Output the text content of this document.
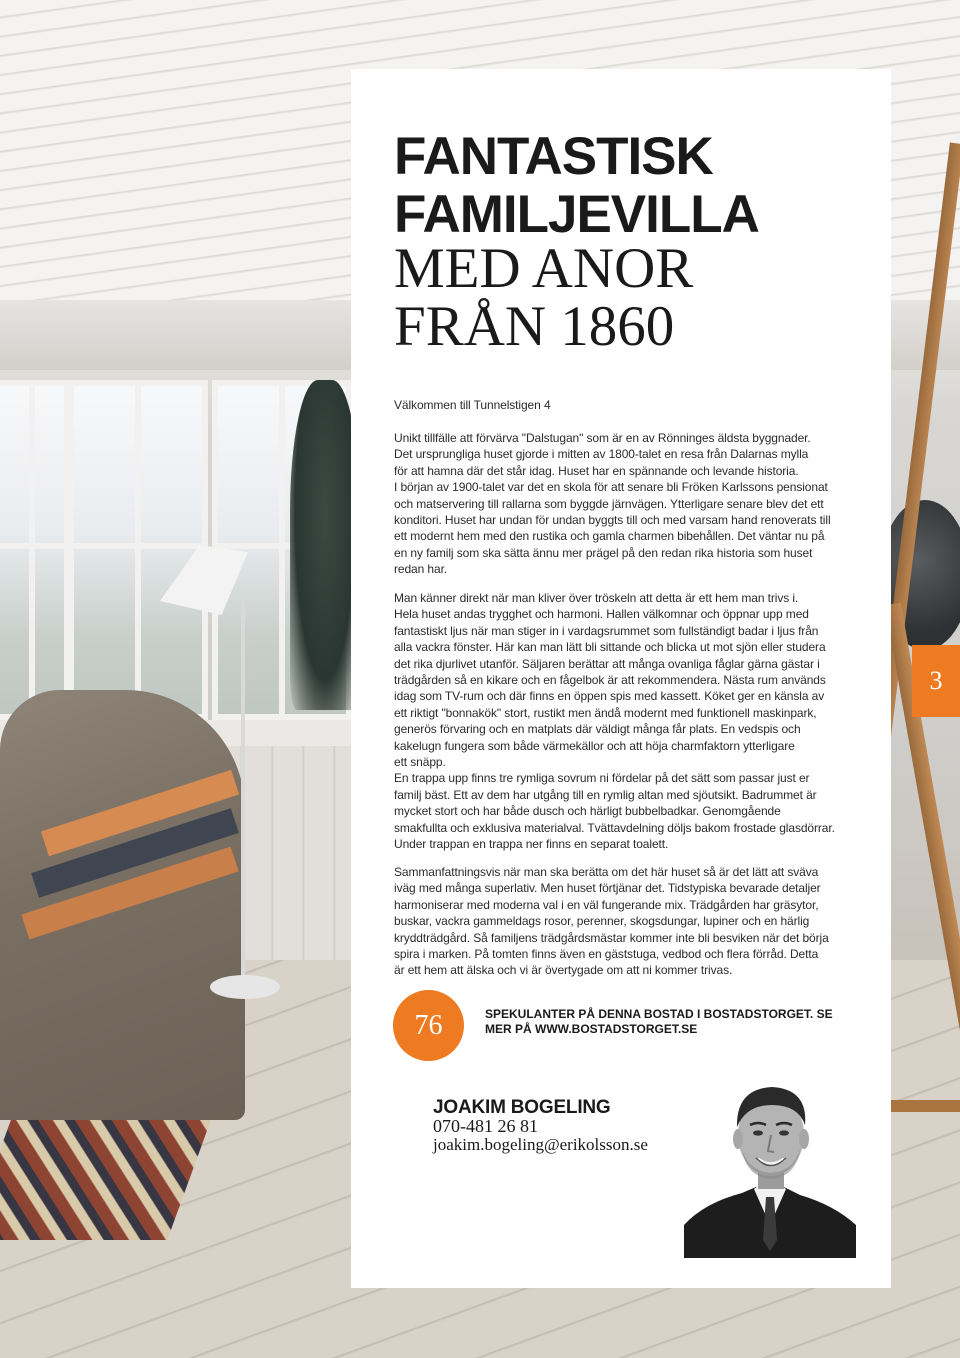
3
FANTASTISK
FAMILJEVILLA
MED ANOR
FRÅN 1860

Välkommen till Tunnelstigen 4

Unikt tillfälle att förvärva "Dalstugan" som är en av Rönninges äldsta byggnader.

Det ursprungliga huset gjorde i mitten av 1800-talet en resa från Dalarnas mylla

för att hamna där det står idag. Huset har en spännande och levande historia.

I början av 1900-talet var det en skola för att senare bli Fröken Karlssons pensionat

och matservering till rallarna som byggde järnvägen. Ytterligare senare blev det ett

konditori. Huset har undan för undan byggts till och med varsam hand renoverats till

ett modernt hem med den rustika och gamla charmen bibehållen. Det väntar nu på

en ny familj som ska sätta ännu mer prägel på den redan rika historia som huset

redan har.

Man känner direkt när man kliver över tröskeln att detta är ett hem man trivs i.

Hela huset andas trygghet och harmoni. Hallen välkomnar och öppnar upp med

fantastiskt ljus när man stiger in i vardagsrummet som fullständigt badar i ljus från

alla vackra fönster. Här kan man lätt bli sittande och blicka ut mot sjön eller studera

det rika djurlivet utanför. Säljaren berättar att många ovanliga fåglar gärna gästar i

trädgården så en kikare och en fågelbok är att rekommendera. Nästa rum används

idag som TV-rum och där finns en öppen spis med kassett. Köket ger en känsla av

ett riktigt "bonnakök" stort, rustikt men ändå modernt med funktionell maskinpark,

generös förvaring och en matplats där väldigt många får plats. En vedspis och

kakelugn fungera som både värmekällor och att höja charmfaktorn ytterligare

ett snäpp.

En trappa upp finns tre rymliga sovrum ni fördelar på det sätt som passar just er

familj bäst. Ett av dem har utgång till en rymlig altan med sjöutsikt. Badrummet är

mycket stort och har både dusch och härligt bubbelbadkar. Genomgående

smakfullta och exklusiva materialval. Tvättavdelning döljs bakom frostade glasdörrar.

Under trappan en trappa ner finns en separat toalett.

Sammanfattningsvis när man ska berätta om det här huset så är det lätt att sväva

iväg med många superlativ. Men huset förtjänar det. Tidstypiska bevarade detaljer

harmoniserar med moderna val i en väl fungerande mix. Trädgården har gräsytor,

buskar, vackra gammeldags rosor, perenner, skogsdungar, lupiner och en härlig

kryddträdgård. Så familjens trädgårdsmästar kommer inte bli besviken när det börja

spira i marken. På tomten finns även en gäststuga, vedbod och flera förråd. Detta

är ett hem att älska och vi är övertygade om att ni kommer trivas.

76	SPEKULANTER PÅ DENNA BOSTAD I BOSTADSTORGET. SE
MER PÅ WWW.BOSTADSTORGET.SE
JOAKIM BOGELING
070-481 26 81
joakim.bogeling@erikolsson.se
